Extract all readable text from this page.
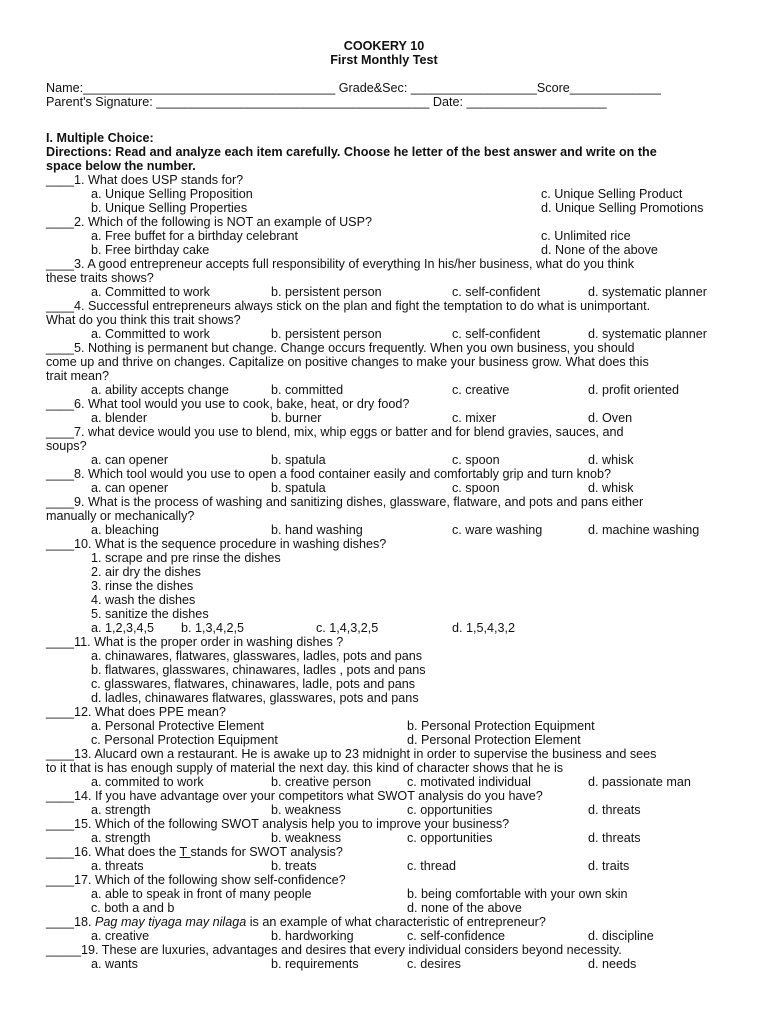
COOKERY 10
First Monthly Test
Name:____________________________________ Grade&Sec: __________________Score_____________
Parent's Signature: _______________________________________ Date: ____________________
I. Multiple Choice:
Directions: Read and analyze each item carefully. Choose he letter of the best answer and write on the
space below the number.
____1. What does USP stands for?
a. Unique Selling Proposition	c. Unique Selling Product
b. Unique Selling Properties	d. Unique Selling Promotions
____2. Which of the following is NOT an example of USP?
a. Free buffet for a birthday celebrant	c. Unlimited rice
b. Free birthday cake	d. None of the above
____3. A good entrepreneur accepts full responsibility of everything In his/her business, what do you think
these traits shows?
a. Committed to work	b. persistent person	c. self-confident	d. systematic planner
____4. Successful entrepreneurs always stick on the plan and fight the temptation to do what is unimportant.
What do you think this trait shows?
a. Committed to work	b. persistent person	c. self-confident	d. systematic planner
____5. Nothing is permanent but change. Change occurs frequently. When you own business, you should
come up and thrive on changes. Capitalize on positive changes to make your business grow. What does this
trait mean?
a. ability accepts change	b. committed	c. creative	d. profit oriented
____6. What tool would you use to cook, bake, heat, or dry food?
a. blender	b. burner	c. mixer	d. Oven
____7. what device would you use to blend, mix, whip eggs or batter and for blend gravies, sauces, and
soups?
a. can opener	b. spatula	c. spoon	d. whisk
____8. Which tool would you use to open a food container easily and comfortably grip and turn knob?
a. can opener	b. spatula	c. spoon	d. whisk
____9. What is the process of washing and sanitizing dishes, glassware, flatware, and pots and pans either
manually or mechanically?
a. bleaching	b. hand washing	c. ware washing	d. machine washing
____10. What is the sequence procedure in washing dishes?
1. scrape and pre rinse the dishes
2. air dry the dishes
3. rinse the dishes
4. wash the dishes
5. sanitize the dishes
a. 1,2,3,4,5 b. 1,3,4,2,5	c. 1,4,3,2,5	d. 1,5,4,3,2
____11. What is the proper order in washing dishes ?
a. chinawares, flatwares, glasswares, ladles, pots and pans
b. flatwares, glasswares, chinawares, ladles , pots and pans
c. glasswares, flatwares, chinawares, ladle, pots and pans
d. ladles, chinawares flatwares, glasswares, pots and pans
____12. What does PPE mean?
a. Personal Protective Element	b. Personal Protection Equipment
c. Personal Protection Equipment	d. Personal Protection Element
____13. Alucard own a restaurant. He is awake up to 23 midnight in order to supervise the business and sees
to it that is has enough supply of material the next day. this kind of character shows that he is
a. commited to work	b. creative person	c. motivated individual	d. passionate man
____14. If you have advantage over your competitors what SWOT analysis do you have?
a. strength	b. weakness	c. opportunities	d. threats
____15. Which of the following SWOT analysis help you to improve your business?
a. strength	b. weakness	c. opportunities	d. threats
____16. What does the T stands for SWOT analysis?
a. threats	b. treats	c. thread	d. traits
____17. Which of the following show self-confidence?
a. able to speak in front of many people	b. being comfortable with your own skin
c. both a and b	d. none of the above
____18. Pag may tiyaga may nilaga is an example of what characteristic of entrepreneur?
a. creative	b. hardworking	c. self-confidence	d. discipline
_____19. These are luxuries, advantages and desires that every individual considers beyond necessity.
a. wants	b. requirements	c. desires	d. needs
